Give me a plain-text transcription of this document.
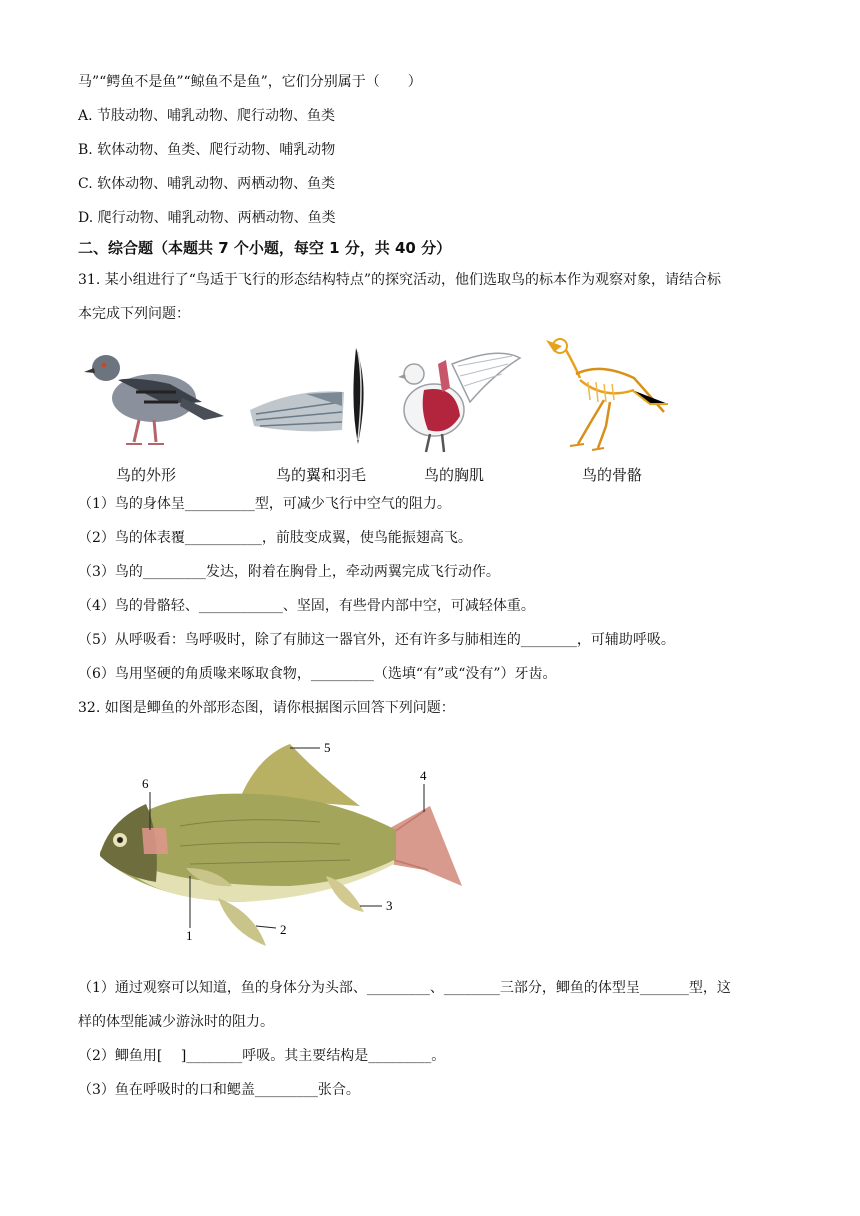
马”“鳄鱼不是鱼”“鲸鱼不是鱼”，它们分别属于（　　）
A. 节肢动物、哺乳动物、爬行动物、鱼类
B. 软体动物、鱼类、爬行动物、哺乳动物
C. 软体动物、哺乳动物、两栖动物、鱼类
D. 爬行动物、哺乳动物、两栖动物、鱼类
二、综合题（本题共 7 个小题，每空 1 分，共 40 分）
31. 某小组进行了“鸟适于飞行的形态结构特点”的探究活动，他们选取鸟的标本作为观察对象，请结合标
本完成下列问题：
鸟的外形	鸟的翼和羽毛	鸟的胸肌	鸟的骨骼
（1）鸟的身体呈__________型，可减少飞行中空气的阻力。
（2）鸟的体表覆___________，前肢变成翼，使鸟能振翅高飞。
（3）鸟的_________发达，附着在胸骨上，牵动两翼完成飞行动作。
（4）鸟的骨骼轻、____________、坚固，有些骨内部中空，可减轻体重。
（5）从呼吸看：鸟呼吸时，除了有肺这一器官外，还有许多与肺相连的________，可辅助呼吸。
（6）鸟用坚硬的角质喙来啄取食物，_________（选填“有”或“没有”）牙齿。
32. 如图是鲫鱼的外部形态图，请你根据图示回答下列问题：
6
5
4
3
2
1
（1）通过观察可以知道，鱼的身体分为头部、_________、________三部分，鲫鱼的体型呈_______型，这
样的体型能减少游泳时的阻力。
（2）鲫鱼用[　 ]________呼吸。其主要结构是_________。
（3）鱼在呼吸时的口和鳃盖_________张合。
